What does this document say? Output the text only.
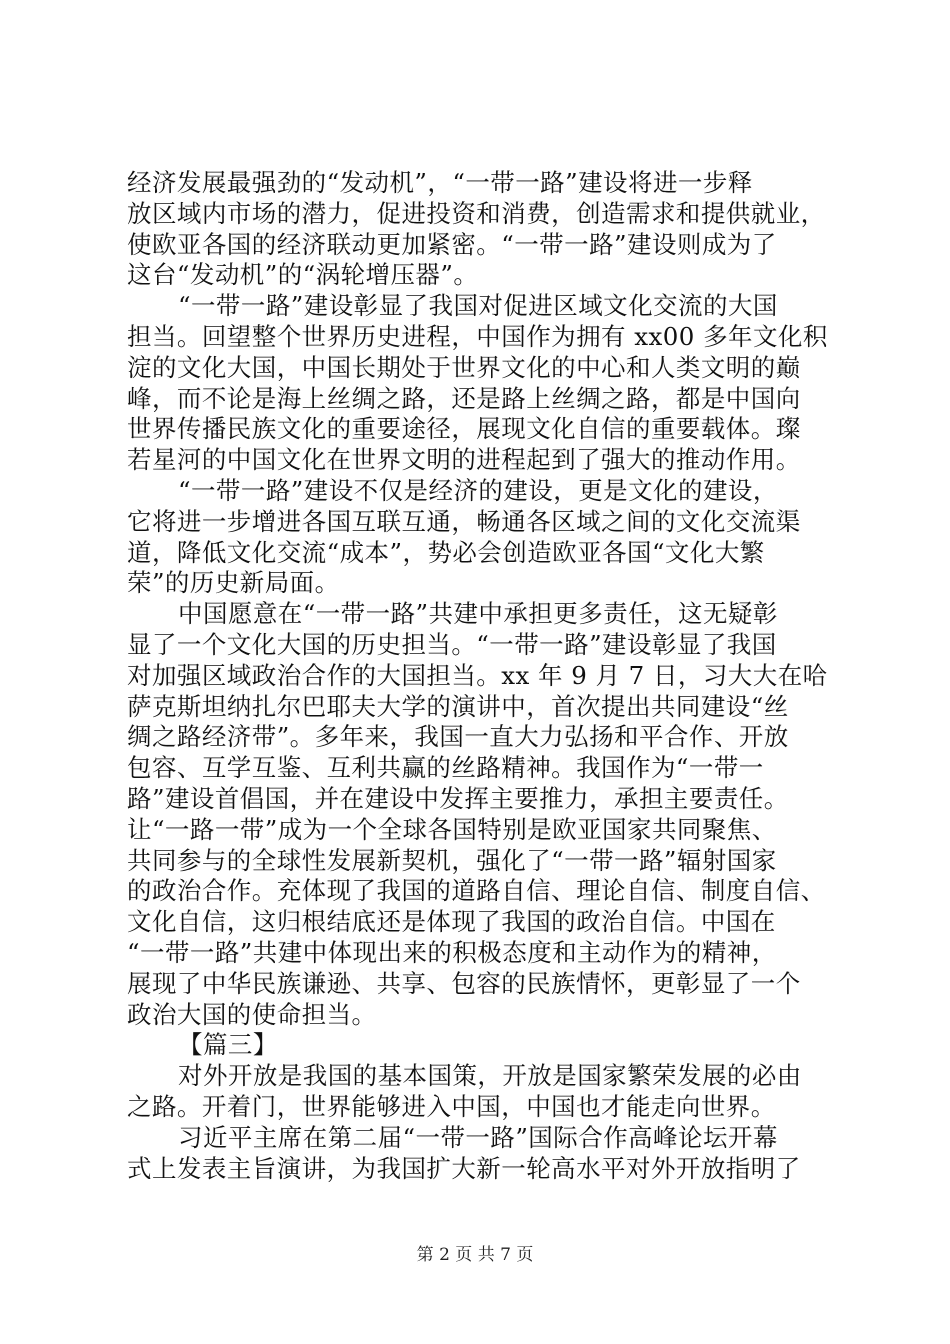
经济发展最强劲的“发动机”，“一带一路”建设将进一步释
放区域内市场的潜力，促进投资和消费，创造需求和提供就业，
使欧亚各国的经济联动更加紧密。“一带一路”建设则成为了
这台“发动机”的“涡轮增压器”。
“一带一路”建设彰显了我国对促进区域文化交流的大国
担当。回望整个世界历史进程，中国作为拥有 xx00 多年文化积
淀的文化大国，中国长期处于世界文化的中心和人类文明的巅
峰，而不论是海上丝绸之路，还是路上丝绸之路，都是中国向
世界传播民族文化的重要途径，展现文化自信的重要载体。璨
若星河的中国文化在世界文明的进程起到了强大的推动作用。
“一带一路”建设不仅是经济的建设，更是文化的建设，
它将进一步增进各国互联互通，畅通各区域之间的文化交流渠
道，降低文化交流“成本”，势必会创造欧亚各国“文化大繁
荣”的历史新局面。
中国愿意在“一带一路”共建中承担更多责任，这无疑彰
显了一个文化大国的历史担当。“一带一路”建设彰显了我国
对加强区域政治合作的大国担当。xx 年 9 月 7 日，习大大在哈
萨克斯坦纳扎尔巴耶夫大学的演讲中，首次提出共同建设“丝
绸之路经济带”。多年来，我国一直大力弘扬和平合作、开放
包容、互学互鉴、互利共赢的丝路精神。我国作为“一带一
路”建设首倡国，并在建设中发挥主要推力，承担主要责任。
让“一路一带”成为一个全球各国特别是欧亚国家共同聚焦、
共同参与的全球性发展新契机，强化了“一带一路”辐射国家
的政治合作。充体现了我国的道路自信、理论自信、制度自信、
文化自信，这归根结底还是体现了我国的政治自信。中国在
“一带一路”共建中体现出来的积极态度和主动作为的精神，
展现了中华民族谦逊、共享、包容的民族情怀，更彰显了一个
政治大国的使命担当。
【篇三】
对外开放是我国的基本国策，开放是国家繁荣发展的必由
之路。开着门，世界能够进入中国，中国也才能走向世界。
习近平主席在第二届“一带一路”国际合作高峰论坛开幕
式上发表主旨演讲，为我国扩大新一轮高水平对外开放指明了
第 2 页 共 7 页
